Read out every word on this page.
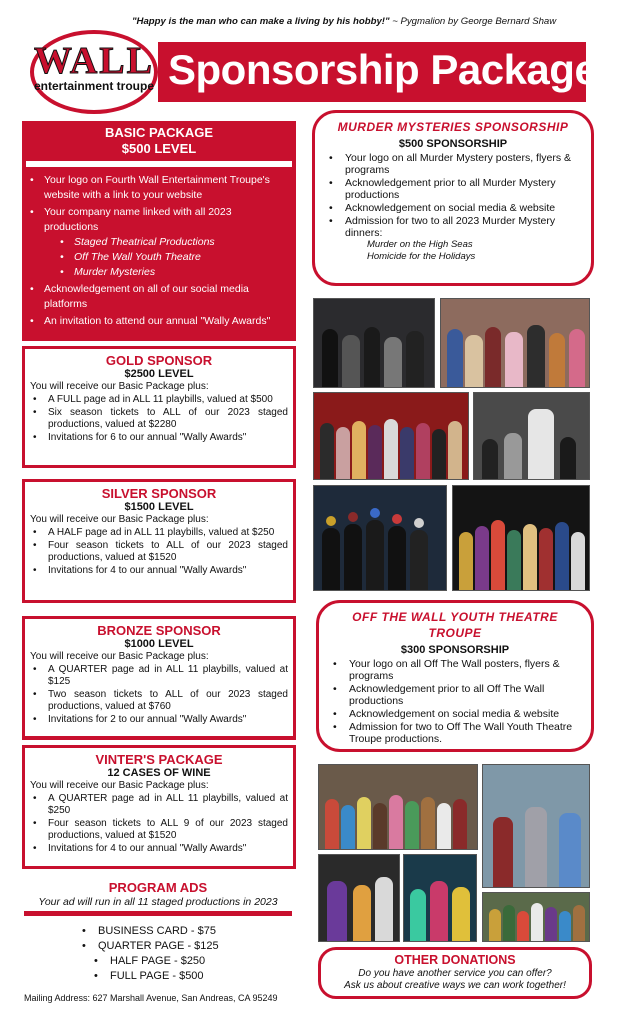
"Happy is the man who can make a living by his hobby!" ~ Pygmalion by George Bernard Shaw
Sponsorship Packages
WALL
entertainment troupe
BASIC PACKAGE
$500 LEVEL
• Your logo on Fourth Wall Entertainment Troupe's website with a link to your website
• Your company name linked with all 2023 productions
• Staged Theatrical Productions
• Off The Wall Youth Theatre
• Murder Mysteries
• Acknowledgement on all of our social media platforms
• An invitation to attend our annual "Wally Awards"
GOLD SPONSOR
$2500 LEVEL
You will receive our Basic Package plus:
• A FULL page ad in ALL 11 playbills, valued at $500
• Six season tickets to ALL of our 2023 staged productions, valued at $2280
• Invitations for 6 to our annual "Wally Awards"
SILVER SPONSOR
$1500 LEVEL
You will receive our Basic Package plus:
• A HALF page ad in ALL 11 playbills, valued at $250
• Four season tickets to ALL of our 2023 staged productions, valued at $1520
• Invitations for 4 to our annual "Wally Awards"
BRONZE SPONSOR
$1000 LEVEL
You will receive our Basic Package plus:
• A QUARTER page ad in ALL 11 playbills, valued at $125
• Two season tickets to ALL of our 2023 staged productions, valued at $760
• Invitations for 2 to our annual "Wally Awards"
VINTER'S PACKAGE
12 CASES OF WINE
You will receive our Basic Package plus:
• A QUARTER page ad in ALL 11 playbills, valued at $250
• Four season tickets to ALL 9 of our 2023 staged productions, valued at $1520
• Invitations for 4 to our annual "Wally Awards"
MURDER MYSTERIES SPONSORSHIP
$500 SPONSORSHIP
• Your logo on all Murder Mystery posters, flyers & programs
• Acknowledgement prior to all Murder Mystery productions
• Acknowledgement on social media & website
• Admission for two to all 2023 Murder Mystery dinners:
Murder on the High Seas
Homicide for the Holidays
OFF THE WALL YOUTH THEATRE TROUPE
$300 SPONSORSHIP
• Your logo on all Off The Wall posters, flyers & programs
• Acknowledgement prior to all Off The Wall productions
• Acknowledgement on social media & website
• Admission for two to Off The Wall Youth Theatre Troupe productions.
PROGRAM ADS
Your ad will run in all 11 staged productions in 2023
• BUSINESS CARD - $75
• QUARTER PAGE - $125
• HALF PAGE - $250
• FULL PAGE - $500
OTHER DONATIONS
Do you have another service you can offer?
Ask us about creative ways we can work together!
Mailing Address: 627 Marshall Avenue, San Andreas, CA 95249
